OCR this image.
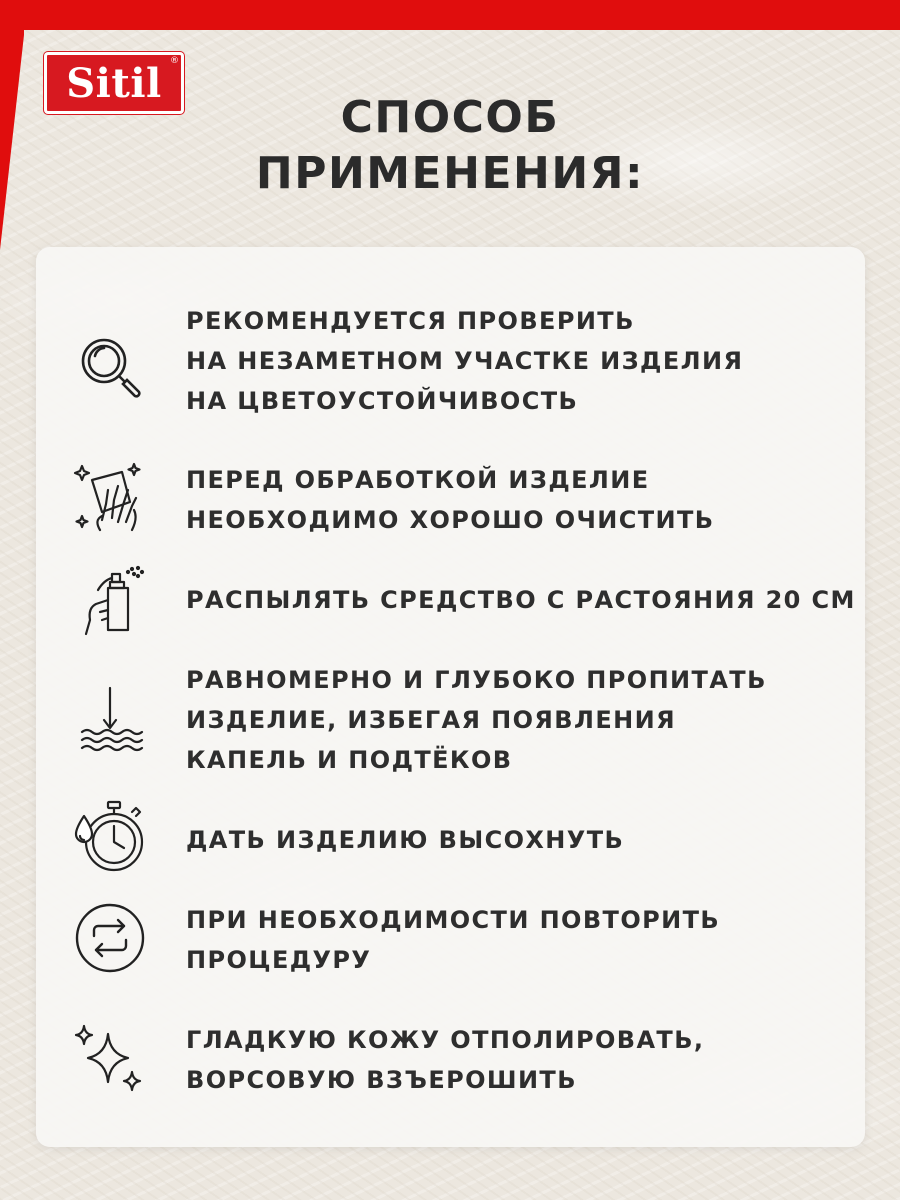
Sitil ®
СПОСОБ
ПРИМЕНЕНИЯ:
РЕКОМЕНДУЕТСЯ ПРОВЕРИТЬ
НА НЕЗАМЕТНОМ УЧАСТКЕ ИЗДЕЛИЯ
НА ЦВЕТОУСТОЙЧИВОСТЬ
ПЕРЕД ОБРАБОТКОЙ ИЗДЕЛИЕ
НЕОБХОДИМО ХОРОШО ОЧИСТИТЬ
РАСПЫЛЯТЬ СРЕДСТВО С РАСТОЯНИЯ 20 СМ
РАВНОМЕРНО И ГЛУБОКО ПРОПИТАТЬ
ИЗДЕЛИЕ, ИЗБЕГАЯ ПОЯВЛЕНИЯ
КАПЕЛЬ И ПОДТЁКОВ
ДАТЬ ИЗДЕЛИЮ ВЫСОХНУТЬ
ПРИ НЕОБХОДИМОСТИ ПОВТОРИТЬ
ПРОЦЕДУРУ
ГЛАДКУЮ КОЖУ ОТПОЛИРОВАТЬ,
ВОРСОВУЮ ВЗЪЕРОШИТЬ
